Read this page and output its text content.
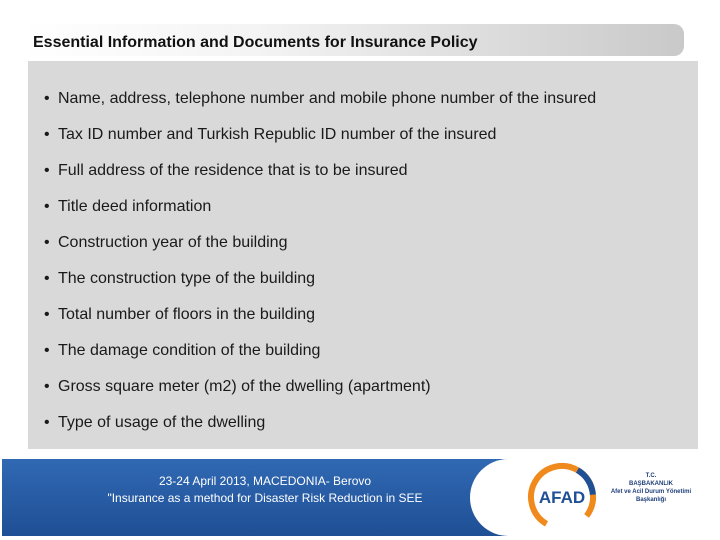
Essential Information and Documents for Insurance Policy
• Name, address, telephone number and mobile phone number of the insured
• Tax ID number and Turkish Republic ID number of the insured
• Full address of the residence that is to be insured
• Title deed information
• Construction year of the building
• The construction type of the building
• Total number of floors in the building
• The damage condition of the building
• Gross square meter (m2) of the dwelling (apartment)
• Type of usage of the dwelling
23-24 April 2013, MACEDONIA- Berovo
"Insurance as a method for Disaster Risk Reduction in SEE	AFAD
T.C.
BAŞBAKANLIK
Afet ve Acil Durum Yönetimi Başkanlığı
